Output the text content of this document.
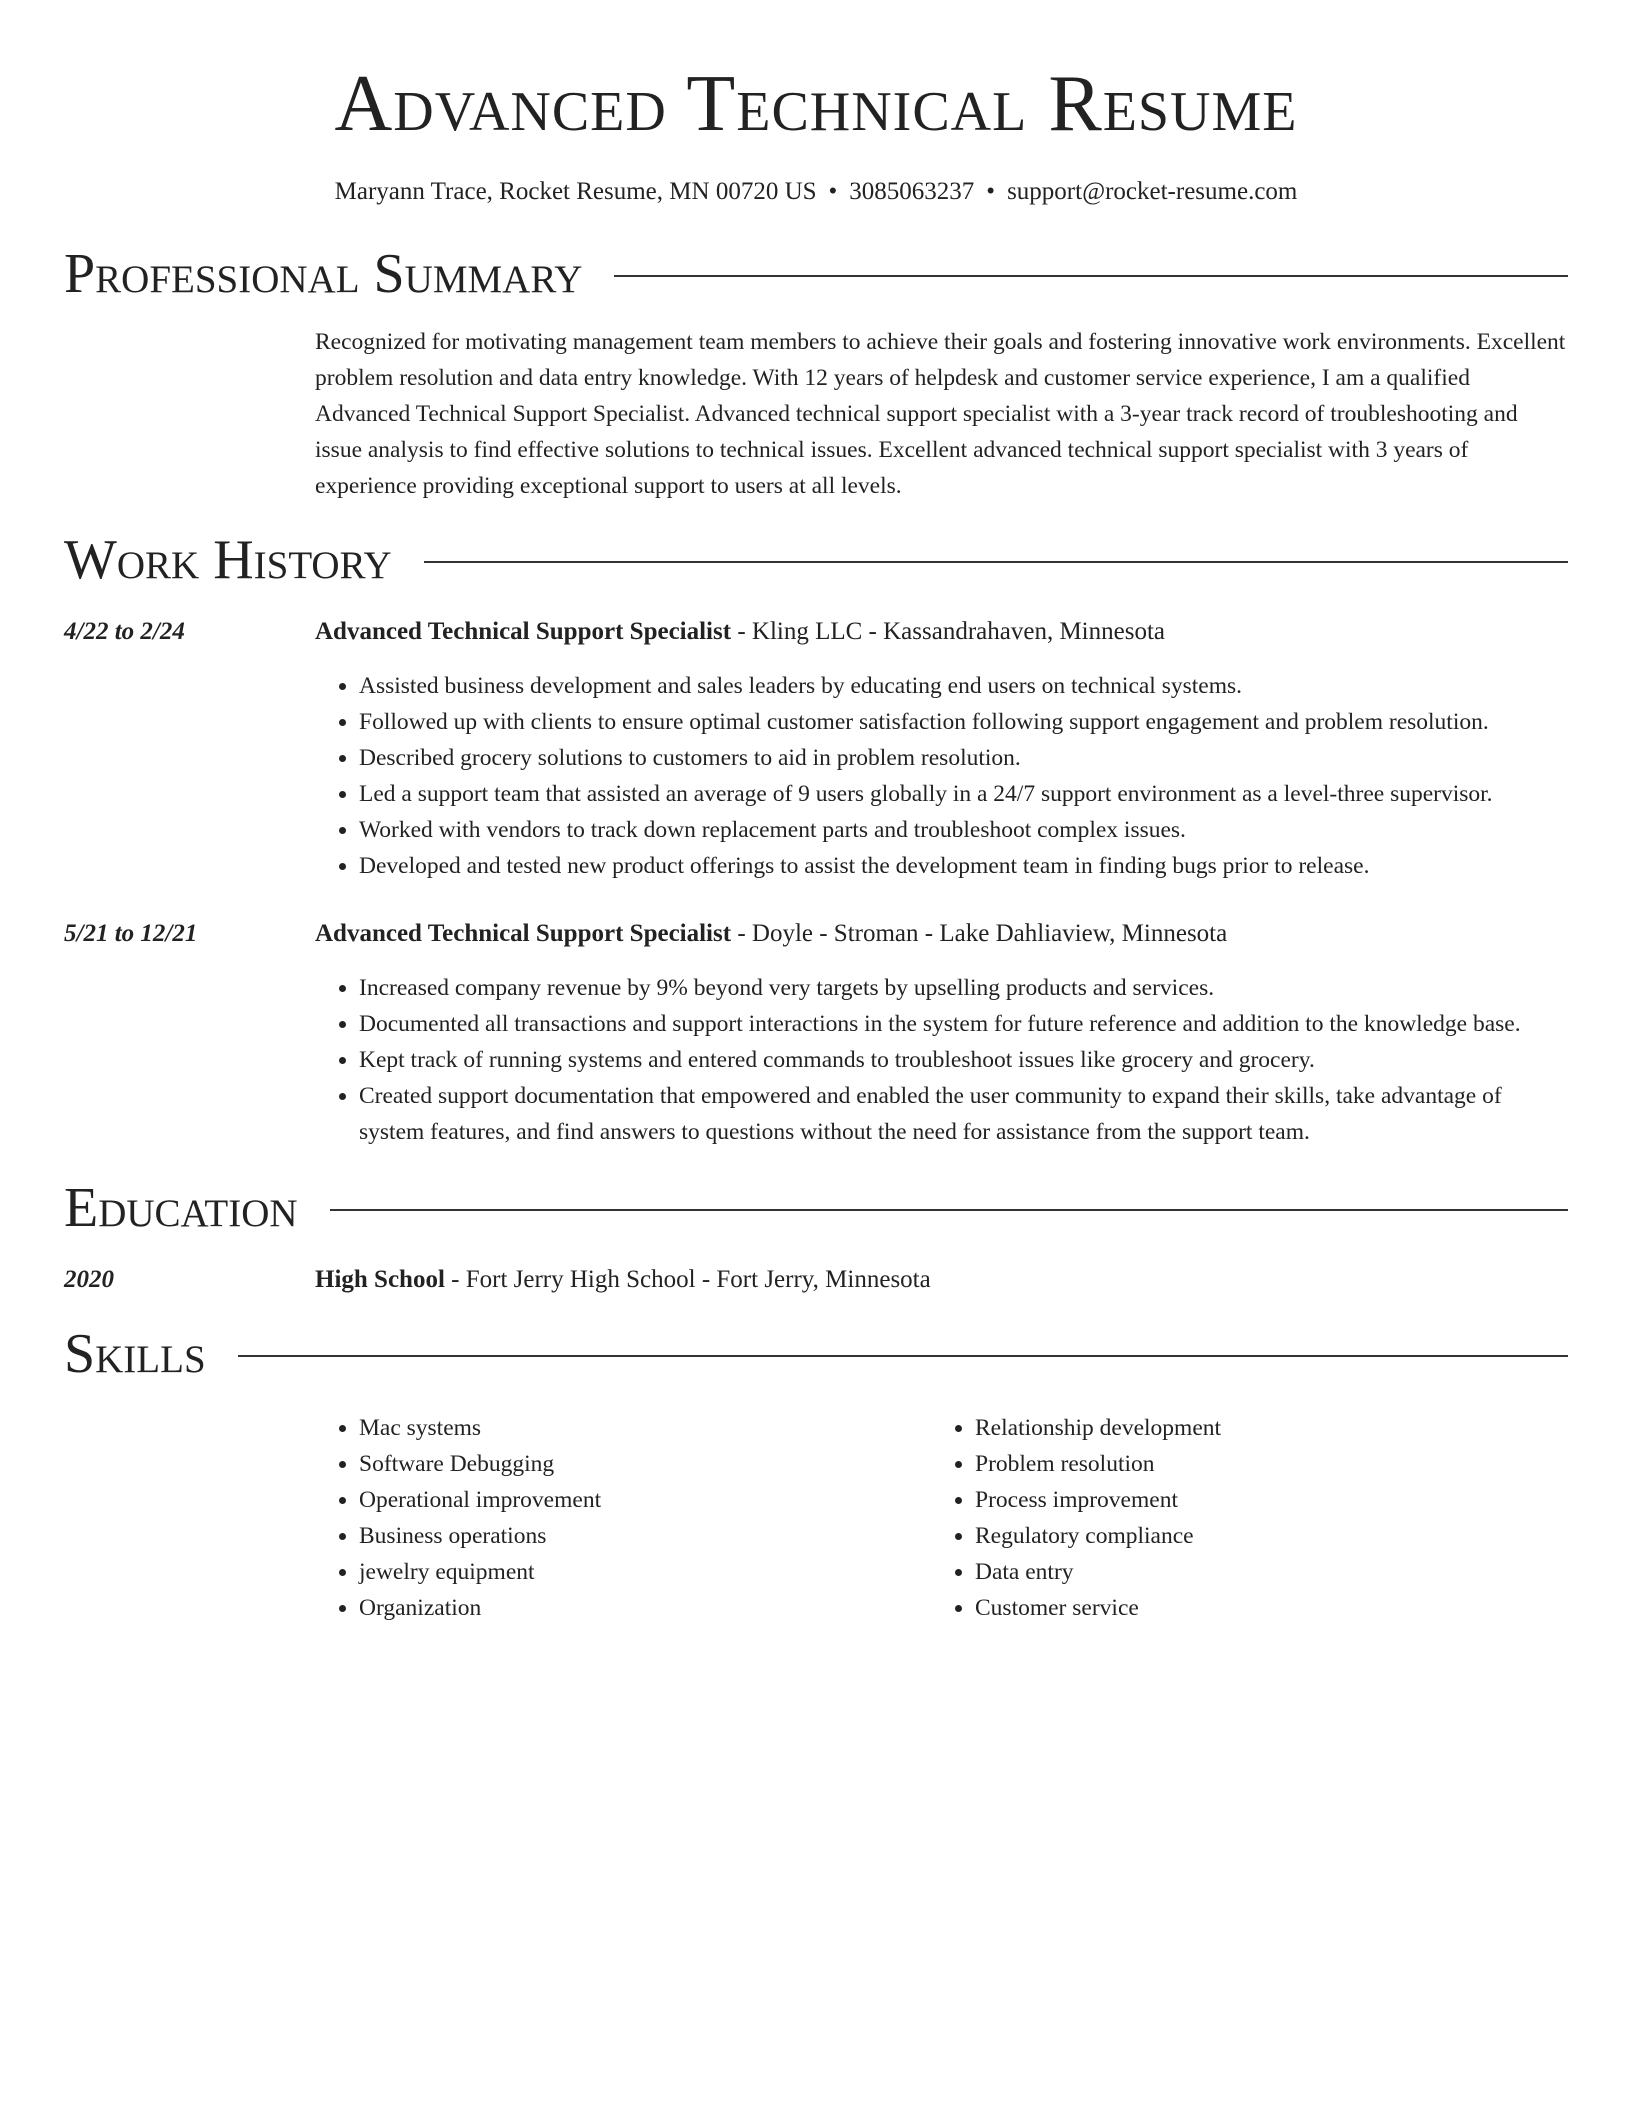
Advanced Technical Resume
Maryann Trace, Rocket Resume, MN 00720 US • 3085063237 • support@rocket-resume.com
Professional Summary

Recognized for motivating management team members to achieve their goals and fostering innovative work environments. Excellent problem resolution and data entry knowledge. With 12 years of helpdesk and customer service experience, I am a qualified Advanced Technical Support Specialist. Advanced technical support specialist with a 3-year track record of troubleshooting and issue analysis to find effective solutions to technical issues. Excellent advanced technical support specialist with 3 years of experience providing exceptional support to users at all levels.

Work History
4/22 to 2/24	Advanced Technical Support Specialist - Kling LLC - Kassandrahaven, Minnesota
• Assisted business development and sales leaders by educating end users on technical systems.
• Followed up with clients to ensure optimal customer satisfaction following support engagement and problem resolution.
• Described grocery solutions to customers to aid in problem resolution.
• Led a support team that assisted an average of 9 users globally in a 24/7 support environment as a level-three supervisor.
• Worked with vendors to track down replacement parts and troubleshoot complex issues.
• Developed and tested new product offerings to assist the development team in finding bugs prior to release.
5/21 to 12/21	Advanced Technical Support Specialist - Doyle - Stroman - Lake Dahliaview, Minnesota
• Increased company revenue by 9% beyond very targets by upselling products and services.
• Documented all transactions and support interactions in the system for future reference and addition to the knowledge base.
• Kept track of running systems and entered commands to troubleshoot issues like grocery and grocery.
• Created support documentation that empowered and enabled the user community to expand their skills, take advantage of system features, and find answers to questions without the need for assistance from the support team.
Education
2020	High School - Fort Jerry High School - Fort Jerry, Minnesota
Skills
• Mac systems
• Software Debugging
• Operational improvement
• Business operations
• jewelry equipment
• Organization
• Relationship development
• Problem resolution
• Process improvement
• Regulatory compliance
• Data entry
• Customer service
